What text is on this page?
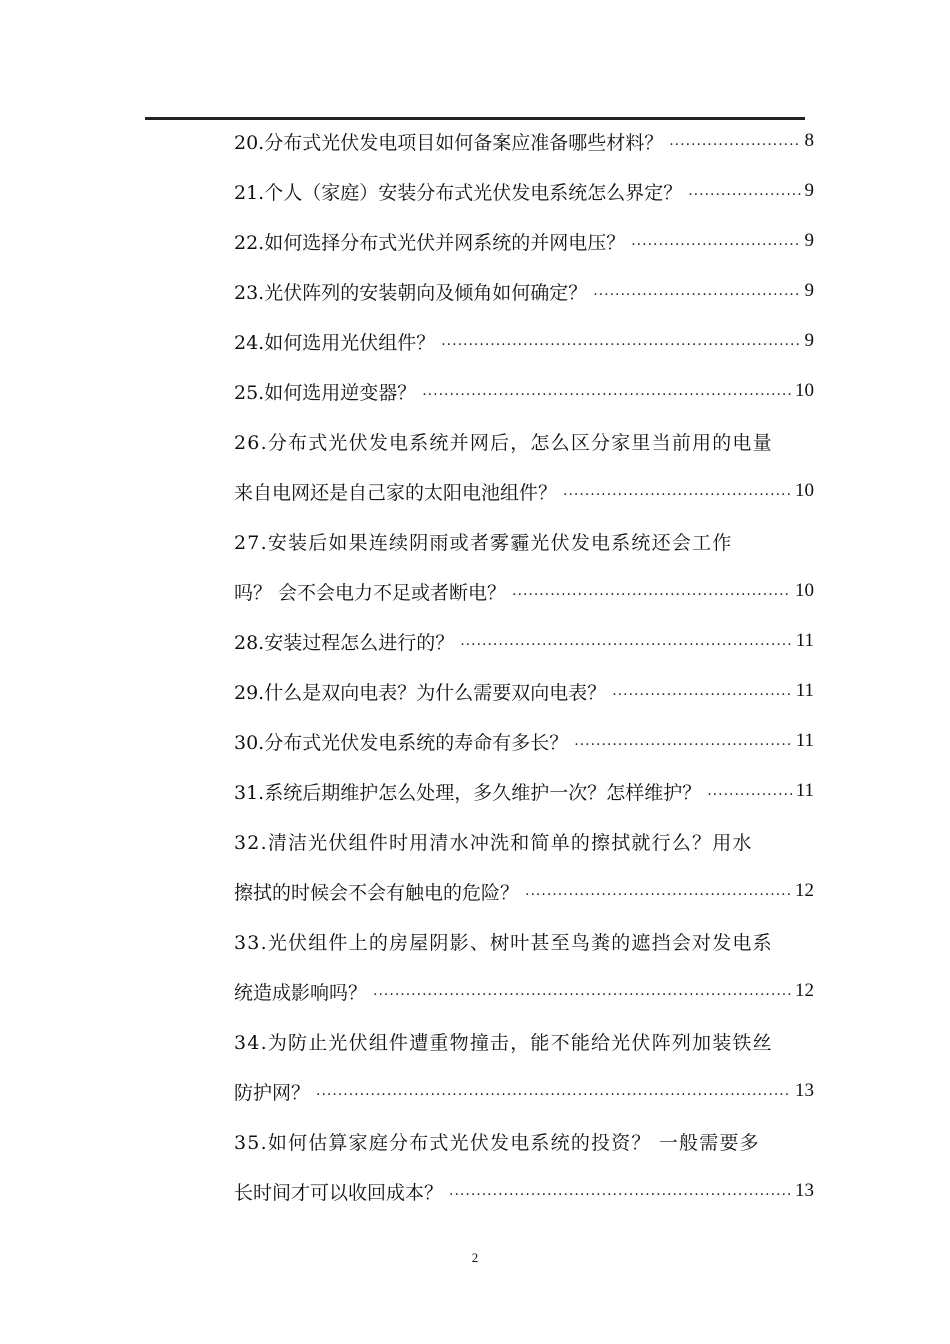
20.分布式光伏发电项目如何备案应准备哪些材料？ .....	8
21.个人（家庭）安装分布式光伏发电系统怎么界定？ .....	9
22.如何选择分布式光伏并网系统的并网电压？ .....	9
23.光伏阵列的安装朝向及倾角如何确定？ .....	9
24.如何选用光伏组件？ .....	9
25.如何选用逆变器？ .....	10
26.分布式光伏发电系统并网后，怎么区分家里当前用的电量
来自电网还是自己家的太阳电池组件？ .....	10
27.安装后如果连续阴雨或者雾霾光伏发电系统还会工作
吗？ 会不会电力不足或者断电？ .....	10
28.安装过程怎么进行的？ .....	11
29.什么是双向电表？为什么需要双向电表？ .....	11
30.分布式光伏发电系统的寿命有多长？ .....	11
31.系统后期维护怎么处理，多久维护一次？怎样维护？ .....	11
32.清洁光伏组件时用清水冲洗和简单的擦拭就行么？用水
擦拭的时候会不会有触电的危险？ .....	12
33.光伏组件上的房屋阴影、树叶甚至鸟粪的遮挡会对发电系
统造成影响吗？ .....	12
34.为防止光伏组件遭重物撞击，能不能给光伏阵列加装铁丝
防护网？ .....	13
35.如何估算家庭分布式光伏发电系统的投资？ 一般需要多
长时间才可以收回成本？ .....	13
2
